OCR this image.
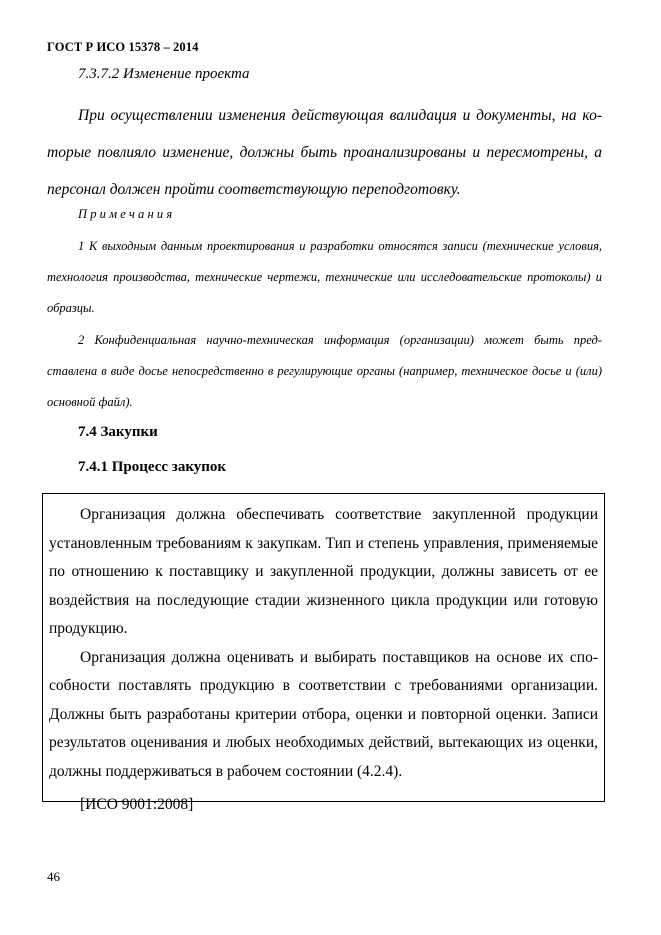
ГОСТ Р ИСО 15378 – 2014
7.3.7.2 Изменение проекта
При осуществлении изменения действующая валидация и документы, на ко-торые повлияло изменение, должны быть проанализированы и пересмотрены, а персонал должен пройти соответствующую переподготовку.
Примечания
1 К выходным данным проектирования и разработки относятся записи (технические условия, технология производства, технические чертежи, технические или исследовательские протоколы) и образцы.
2 Конфиденциальная научно-техническая информация (организации) может быть пред-ставлена в виде досье непосредственно в регулирующие органы (например, техническое досье и (или) основной файл).
7.4 Закупки
7.4.1 Процесс закупок

Организация должна обеспечивать соответствие закупленной продукции установленным требованиям к закупкам. Тип и степень управления, применяемые по отношению к поставщику и закупленной продукции, должны зависеть от ее воздействия на последующие стадии жизненного цикла продукции или готовую продукцию.

Организация должна оценивать и выбирать поставщиков на основе их спо-собности поставлять продукцию в соответствии с требованиями организации. Должны быть разработаны критерии отбора, оценки и повторной оценки. Записи результатов оценивания и любых необходимых действий, вытекающих из оценки, должны поддерживаться в рабочем состоянии (4.2.4).

[ИСО 9001:2008]

46
